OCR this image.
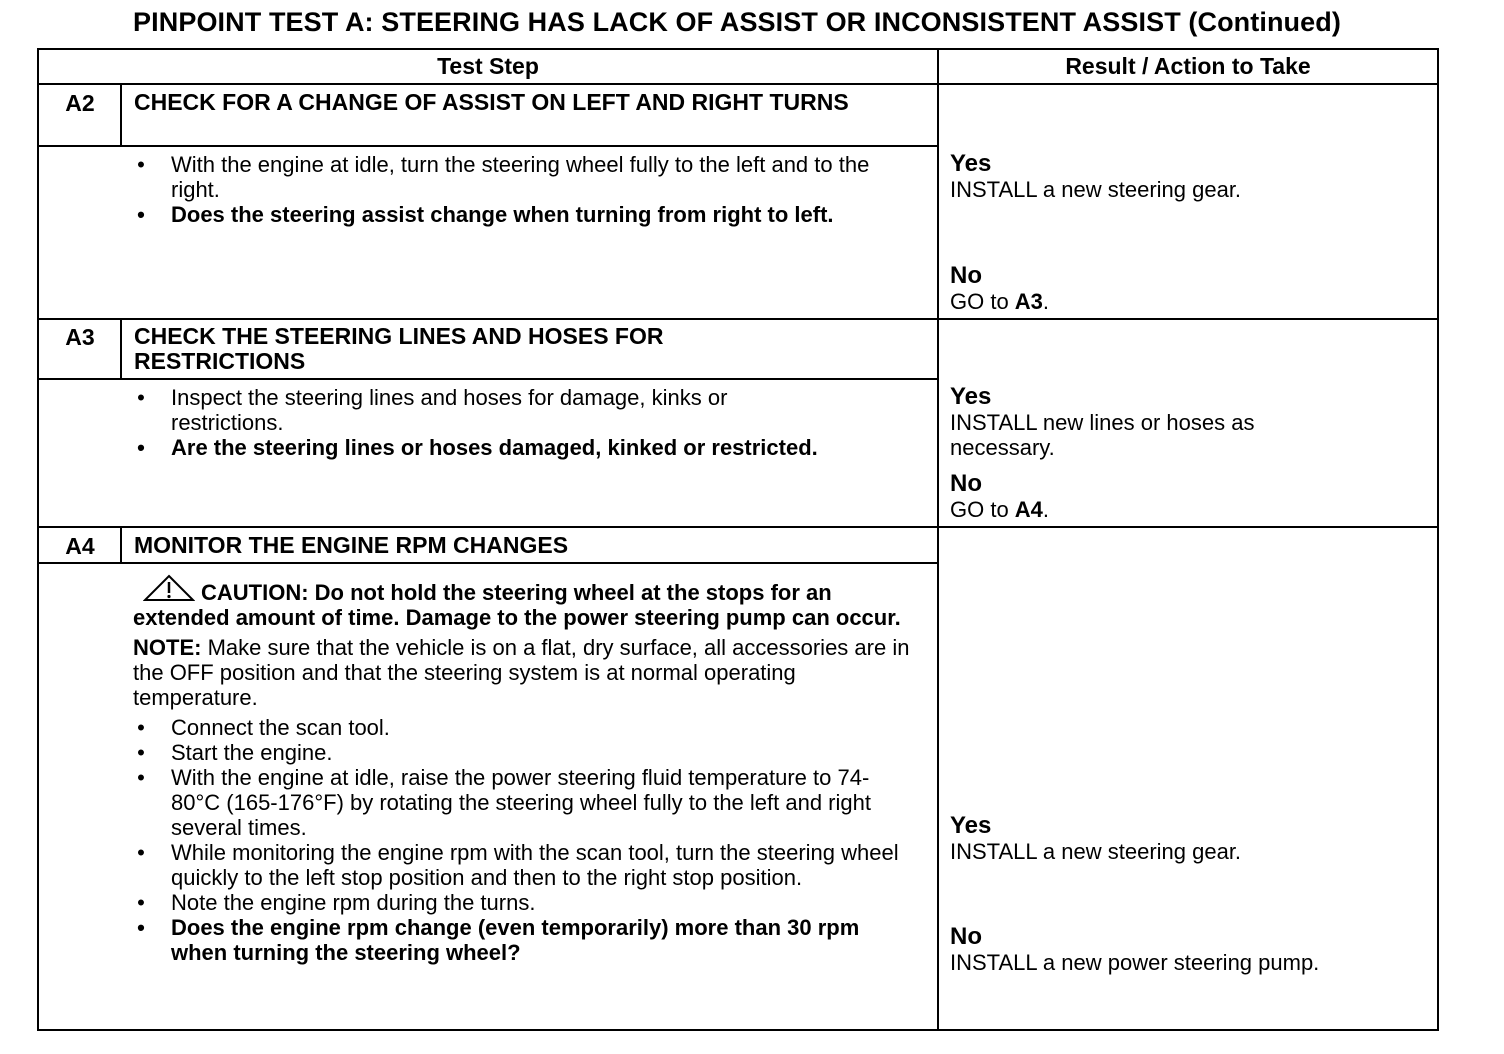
PINPOINT TEST A: STEERING HAS LACK OF ASSIST OR INCONSISTENT ASSIST (Continued)
Test Step	Result / Action to Take
A2	CHECK FOR A CHANGE OF ASSIST ON LEFT AND RIGHT TURNS
• With the engine at idle, turn the steering wheel fully to the left and to the right.
• Does the steering assist change when turning from right to left.
Yes
INSTALL a new steering gear.
No
GO to A3.
A3	CHECK THE STEERING LINES AND HOSES FOR RESTRICTIONS
• Inspect the steering lines and hoses for damage, kinks or restrictions.
• Are the steering lines or hoses damaged, kinked or restricted.
Yes
INSTALL new lines or hoses as necessary.
No
GO to A4.
A4	MONITOR THE ENGINE RPM CHANGES
CAUTION: Do not hold the steering wheel at the stops for an extended amount of time. Damage to the power steering pump can occur.
NOTE: Make sure that the vehicle is on a flat, dry surface, all accessories are in the OFF position and that the steering system is at normal operating temperature.
• Connect the scan tool.
• Start the engine.
• With the engine at idle, raise the power steering fluid temperature to 74-80°C (165-176°F) by rotating the steering wheel fully to the left and right several times.
• While monitoring the engine rpm with the scan tool, turn the steering wheel quickly to the left stop position and then to the right stop position.
• Note the engine rpm during the turns.
• Does the engine rpm change (even temporarily) more than 30 rpm when turning the steering wheel?
Yes
INSTALL a new steering gear.
No
INSTALL a new power steering pump.
